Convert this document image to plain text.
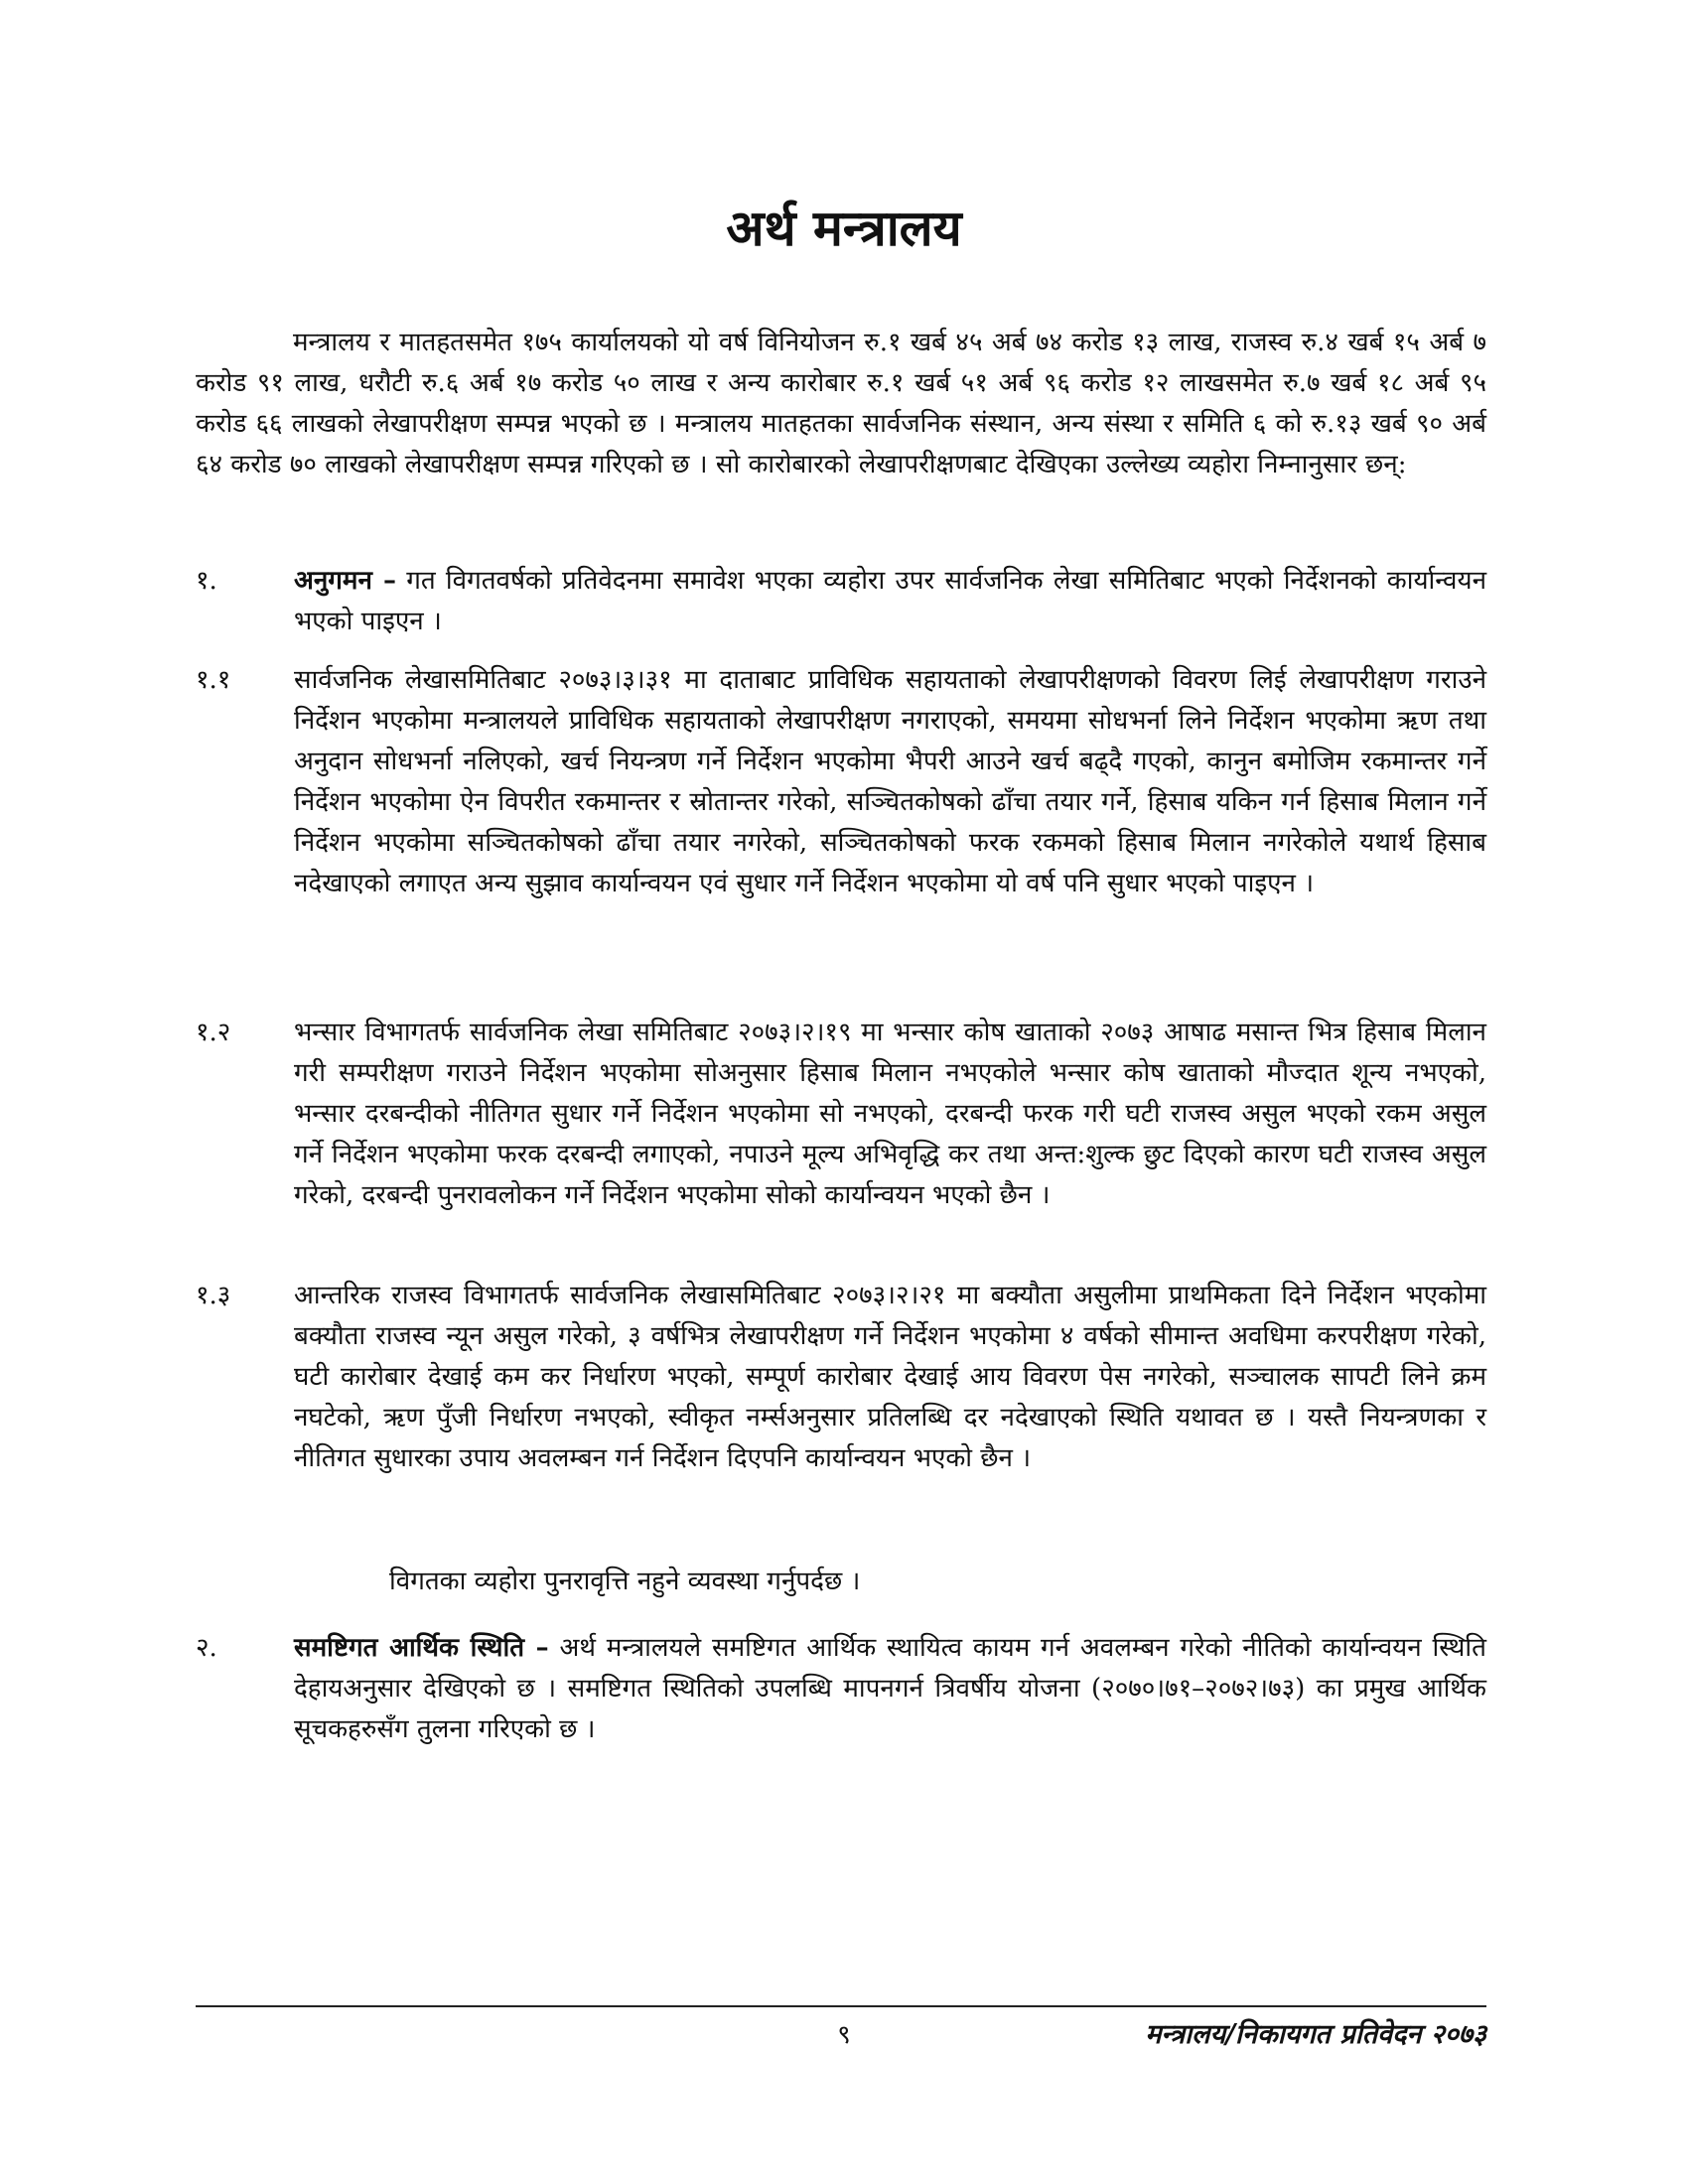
अर्थ मन्त्रालय

मन्त्रालय र मातहतसमेत १७५ कार्यालयको यो वर्ष विनियोजन रु.१ खर्ब ४५ अर्ब ७४ करोड १३ लाख, राजस्व रु.४ खर्ब १५ अर्ब ७ करोड ९१ लाख, धरौटी रु.६ अर्ब १७ करोड ५० लाख र अन्य कारोबार रु.१ खर्ब ५१ अर्ब ९६ करोड १२ लाखसमेत रु.७ खर्ब १८ अर्ब ९५ करोड ६६ लाखको लेखापरीक्षण सम्पन्न भएको छ । मन्त्रालय मातहतका सार्वजनिक संस्थान, अन्य संस्था र समिति ६ को रु.१३ खर्ब ९० अर्ब ६४ करोड ७० लाखको लेखापरीक्षण सम्पन्न गरिएको छ । सो कारोबारको लेखापरीक्षणबाट देखिएका उल्लेख्य व्यहोरा निम्नानुसार छन्:

१.	अनुगमन – गत विगतवर्षको प्रतिवेदनमा समावेश भएका व्यहोरा उपर सार्वजनिक लेखा समितिबाट भएको निर्देशनको कार्यान्वयन भएको पाइएन ।
१.१	सार्वजनिक लेखासमितिबाट २०७३।३।३१ मा दाताबाट प्राविधिक सहायताको लेखापरीक्षणको विवरण लिई लेखापरीक्षण गराउने निर्देशन भएकोमा मन्त्रालयले प्राविधिक सहायताको लेखापरीक्षण नगराएको, समयमा सोधभर्ना लिने निर्देशन भएकोमा ऋण तथा अनुदान सोधभर्ना नलिएको, खर्च नियन्त्रण गर्ने निर्देशन भएकोमा भैपरी आउने खर्च बढ्दै गएको, कानुन बमोजिम रकमान्तर गर्ने निर्देशन भएकोमा ऐन विपरीत रकमान्तर र स्रोतान्तर गरेको, सञ्चितकोषको ढाँचा तयार गर्ने, हिसाब यकिन गर्न हिसाब मिलान गर्ने निर्देशन भएकोमा सञ्चितकोषको ढाँचा तयार नगरेको, सञ्चितकोषको फरक रकमको हिसाब मिलान नगरेकोले यथार्थ हिसाब नदेखाएको लगाएत अन्य सुझाव कार्यान्वयन एवं सुधार गर्ने निर्देशन भएकोमा यो वर्ष पनि सुधार भएको पाइएन ।
१.२	भन्सार विभागतर्फ सार्वजनिक लेखा समितिबाट २०७३।२।१९ मा भन्सार कोष खाताको २०७३ आषाढ मसान्त भित्र हिसाब मिलान गरी सम्परीक्षण गराउने निर्देशन भएकोमा सोअनुसार हिसाब मिलान नभएकोले भन्सार कोष खाताको मौज्दात शून्य नभएको, भन्सार दरबन्दीको नीतिगत सुधार गर्ने निर्देशन भएकोमा सो नभएको, दरबन्दी फरक गरी घटी राजस्व असुल भएको रकम असुल गर्ने निर्देशन भएकोमा फरक दरबन्दी लगाएको, नपाउने मूल्य अभिवृद्धि कर तथा अन्त:शुल्क छुट दिएको कारण घटी राजस्व असुल गरेको, दरबन्दी पुनरावलोकन गर्ने निर्देशन भएकोमा सोको कार्यान्वयन भएको छैन ।
१.३	आन्तरिक राजस्व विभागतर्फ सार्वजनिक लेखासमितिबाट २०७३।२।२१ मा बक्यौता असुलीमा प्राथमिकता दिने निर्देशन भएकोमा बक्यौता राजस्व न्यून असुल गरेको, ३ वर्षभित्र लेखापरीक्षण गर्ने निर्देशन भएकोमा ४ वर्षको सीमान्त अवधिमा करपरीक्षण गरेको, घटी कारोबार देखाई कम कर निर्धारण भएको, सम्पूर्ण कारोबार देखाई आय विवरण पेस नगरेको, सञ्चालक सापटी लिने क्रम नघटेको, ऋण पुँजी निर्धारण नभएको, स्वीकृत नर्म्सअनुसार प्रतिलब्धि दर नदेखाएको स्थिति यथावत छ । यस्तै नियन्त्रणका र नीतिगत सुधारका उपाय अवलम्बन गर्न निर्देशन दिएपनि कार्यान्वयन भएको छैन ।
विगतका व्यहोरा पुनरावृत्ति नहुने व्यवस्था गर्नुपर्दछ ।
२.	समष्टिगत आर्थिक स्थिति – अर्थ मन्त्रालयले समष्टिगत आर्थिक स्थायित्व कायम गर्न अवलम्बन गरेको नीतिको कार्यान्वयन स्थिति देहायअनुसार देखिएको छ । समष्टिगत स्थितिको उपलब्धि मापनगर्न त्रिवर्षीय योजना (२०७०।७१–२०७२।७३) का प्रमुख आर्थिक सूचकहरुसँग तुलना गरिएको छ ।
९	मन्त्रालय/निकायगत प्रतिवेदन २०७३
